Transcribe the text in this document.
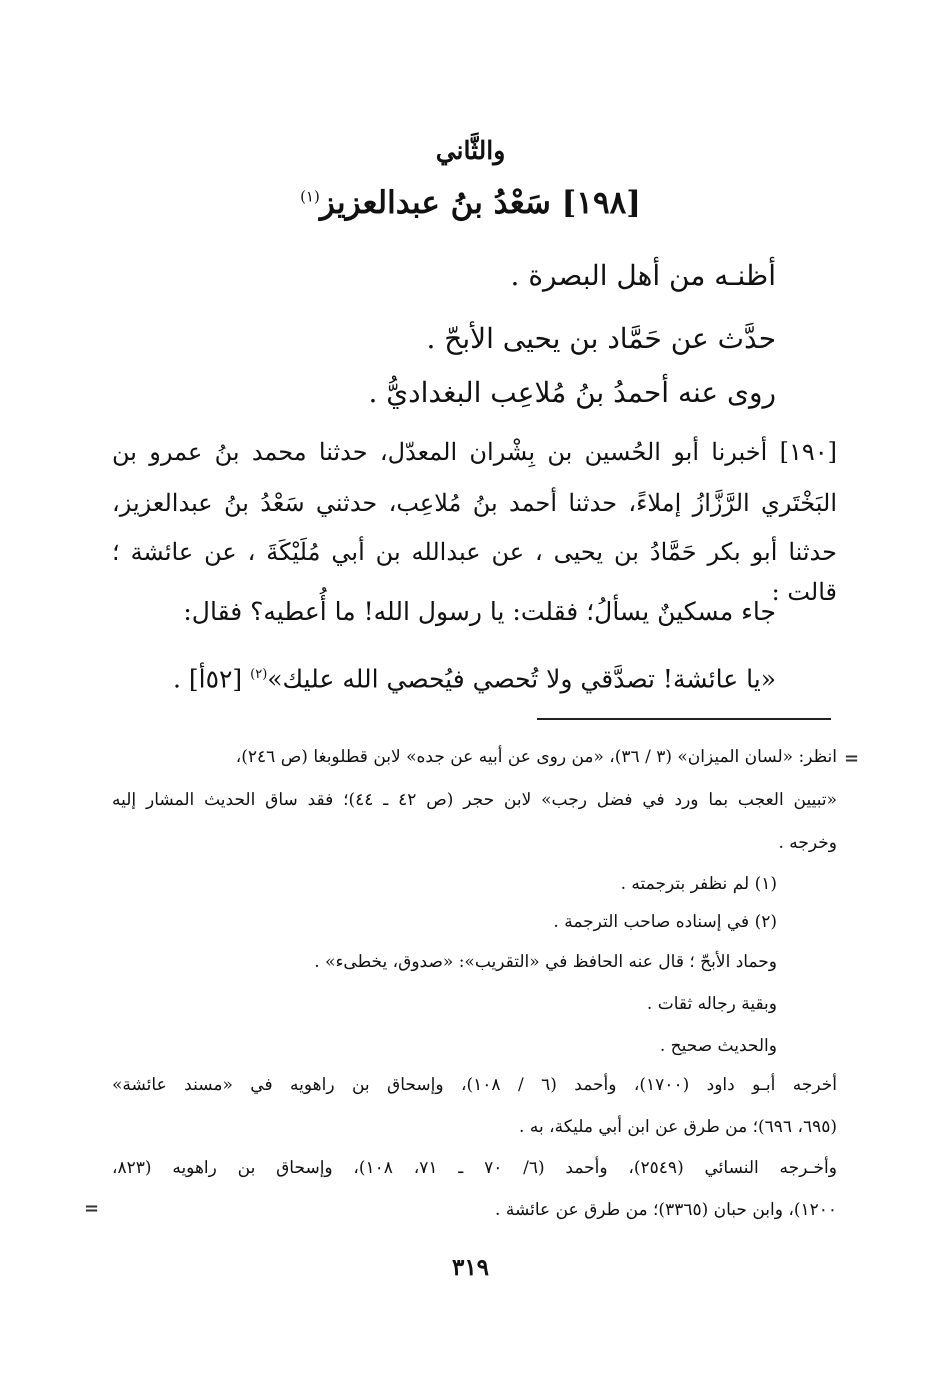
والثَّاني
[١٩٨] سَعْدُ بنُ عبدالعزيز$^{(١)}$
أظنـه من أهل البصرة .
حدَّث عن حَمَّاد بن يحيى الأبحّ .
روى عنه أحمدُ بنُ مُلاعِب البغداديُّ .
[١٩٠] أخبرنا أبو الحُسين بن بِشْران المعدّل، حدثنا محمد بنُ عمرو بن
البَخْتَري الرَّزَّازُ إملاءً، حدثنا أحمد بنُ مُلاعِب، حدثني سَعْدُ بنُ عبدالعزيز،
حدثنا أبو بكر حَمَّادُ بن يحيى ، عن عبدالله بن أبي مُلَيْكَةَ ، عن عائشة ؛ قالت :
جاء مسكينٌ يسألُ؛ فقلت: يا رسول الله! ما أُعطيه؟ فقال:
«يا عائشة! تصدَّقي ولا تُحصي فيُحصي الله عليك»$^{(٢)}$ [٥٢أ] .
=
انظر: «لسان الميزان» (٣ / ٣٦)، «من روى عن أبيه عن جده» لابن قطلوبغا (ص ٢٤٦)،
«تبيين العجب بما ورد في فضل رجب» لابن حجر (ص ٤٢ ـ ٤٤)؛ فقد ساق الحديث المشار إليه
وخرجه .
(١) لم نظفر بترجمته .
(٢) في إسناده صاحب الترجمة .
وحماد الأبحّ ؛ قال عنه الحافظ في «التقريب»: «صدوق، يخطىء» .
وبقية رجاله ثقات .
والحديث صحيح .
أخرجه أبـو داود (١٧٠٠)، وأحمد (٦ / ١٠٨)، وإسحاق بن راهويه في «مسند عائشة»
(٦٩٥، ٦٩٦)؛ من طرق عن ابن أبي مليكة، به .
وأخـرجه النسائي (٢٥٤٩)، وأحمد (٦/ ٧٠ ـ ٧١، ١٠٨)، وإسحاق بن راهويه (٨٢٣،
١٢٠٠)، وابن حبان (٣٣٦٥)؛ من طرق عن عائشة .
=
٣١٩
